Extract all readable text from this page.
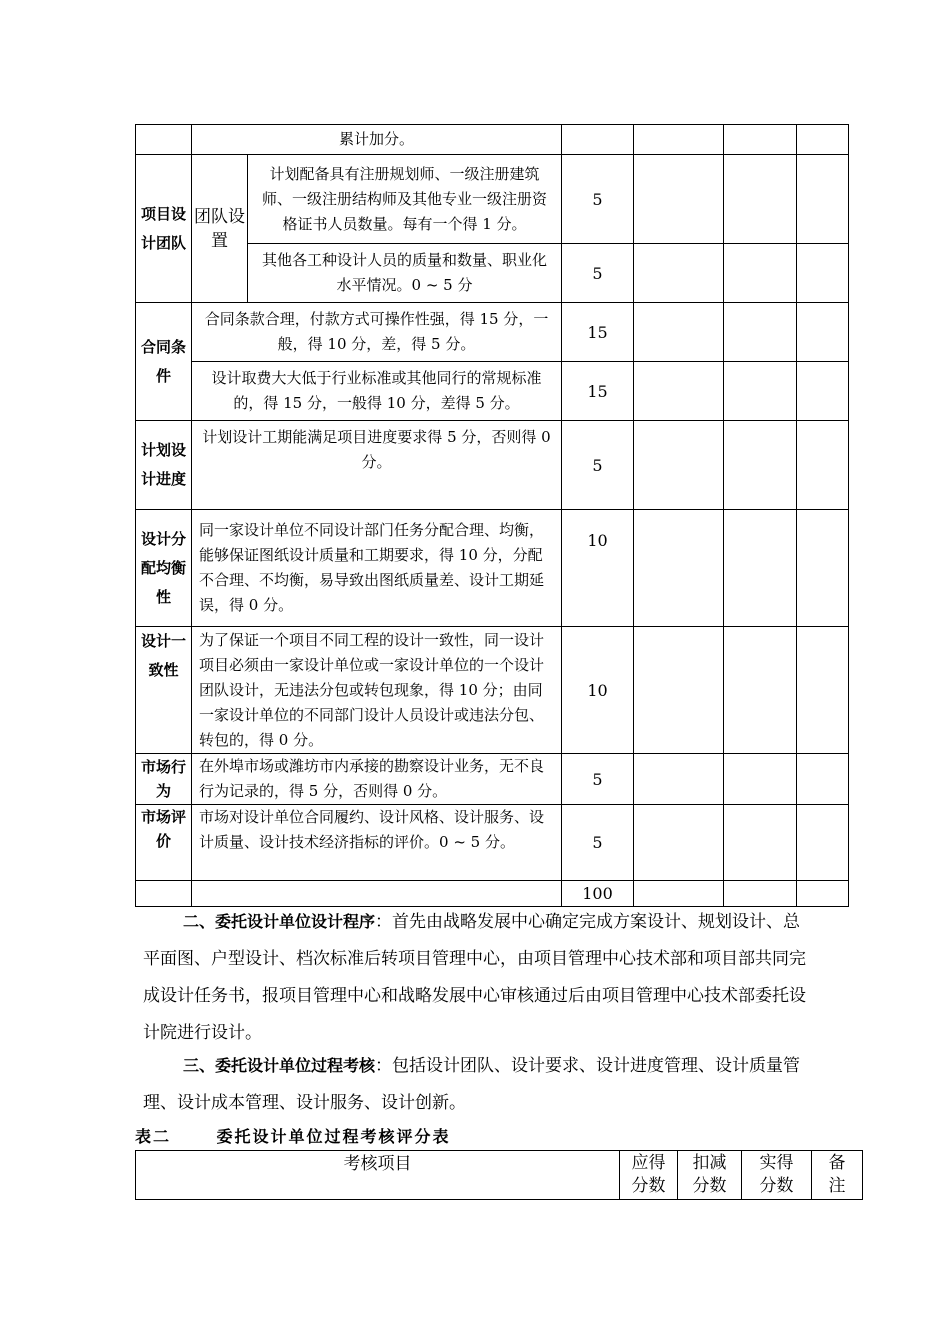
	累计加分。					
项目设计团队	团队设置	计划配备具有注册规划师、一级注册建筑师、一级注册结构师及其他专业一级注册资格证书人员数量。每有一个得 1 分。	5			
		其他各工种设计人员的质量和数量、职业化水平情况。0 ~ 5 分	5			
合同条件	合同条款合理，付款方式可操作性强，得 15 分，一般，得 10 分，差，得 5 分。		15			
	设计取费大大低于行业标准或其他同行的常规标准的，得 15 分，一般得 10 分，差得 5 分。		15			
计划设计进度	计划设计工期能满足项目进度要求得 5 分，否则得 0 分。		5			
设计分配均衡性	同一家设计单位不同设计部门任务分配合理、均衡，能够保证图纸设计质量和工期要求，得 10 分，分配不合理、不均衡，易导致出图纸质量差、设计工期延误，得 0 分。		10			
设计一致性	为了保证一个项目不同工程的设计一致性，同一设计项目必须由一家设计单位或一家设计单位的一个设计团队设计，无违法分包或转包现象，得 10 分；由同一家设计单位的不同部门设计人员设计或违法分包、转包的，得 0 分。		10			
市场行为	在外埠市场或潍坊市内承接的勘察设计业务，无不良行为记录的，得 5 分，否则得 0 分。		5			
市场评价	市场对设计单位合同履约、设计风格、设计服务、设计质量、设计技术经济指标的评价。0 ~ 5 分。		5			
			100			

二、委托设计单位设计程序：首先由战略发展中心确定完成方案设计、规划设计、总平面图、户型设计、档次标准后转项目管理中心，由项目管理中心技术部和项目部共同完成设计任务书，报项目管理中心和战略发展中心审核通过后由项目管理中心技术部委托设计院进行设计。

三、委托设计单位过程考核：包括设计团队、设计要求、设计进度管理、设计质量管理、设计成本管理、设计服务、设计创新。

表二	委托设计单位过程考核评分表
考核项目	应得分数	扣减分数	实得分数	备注
